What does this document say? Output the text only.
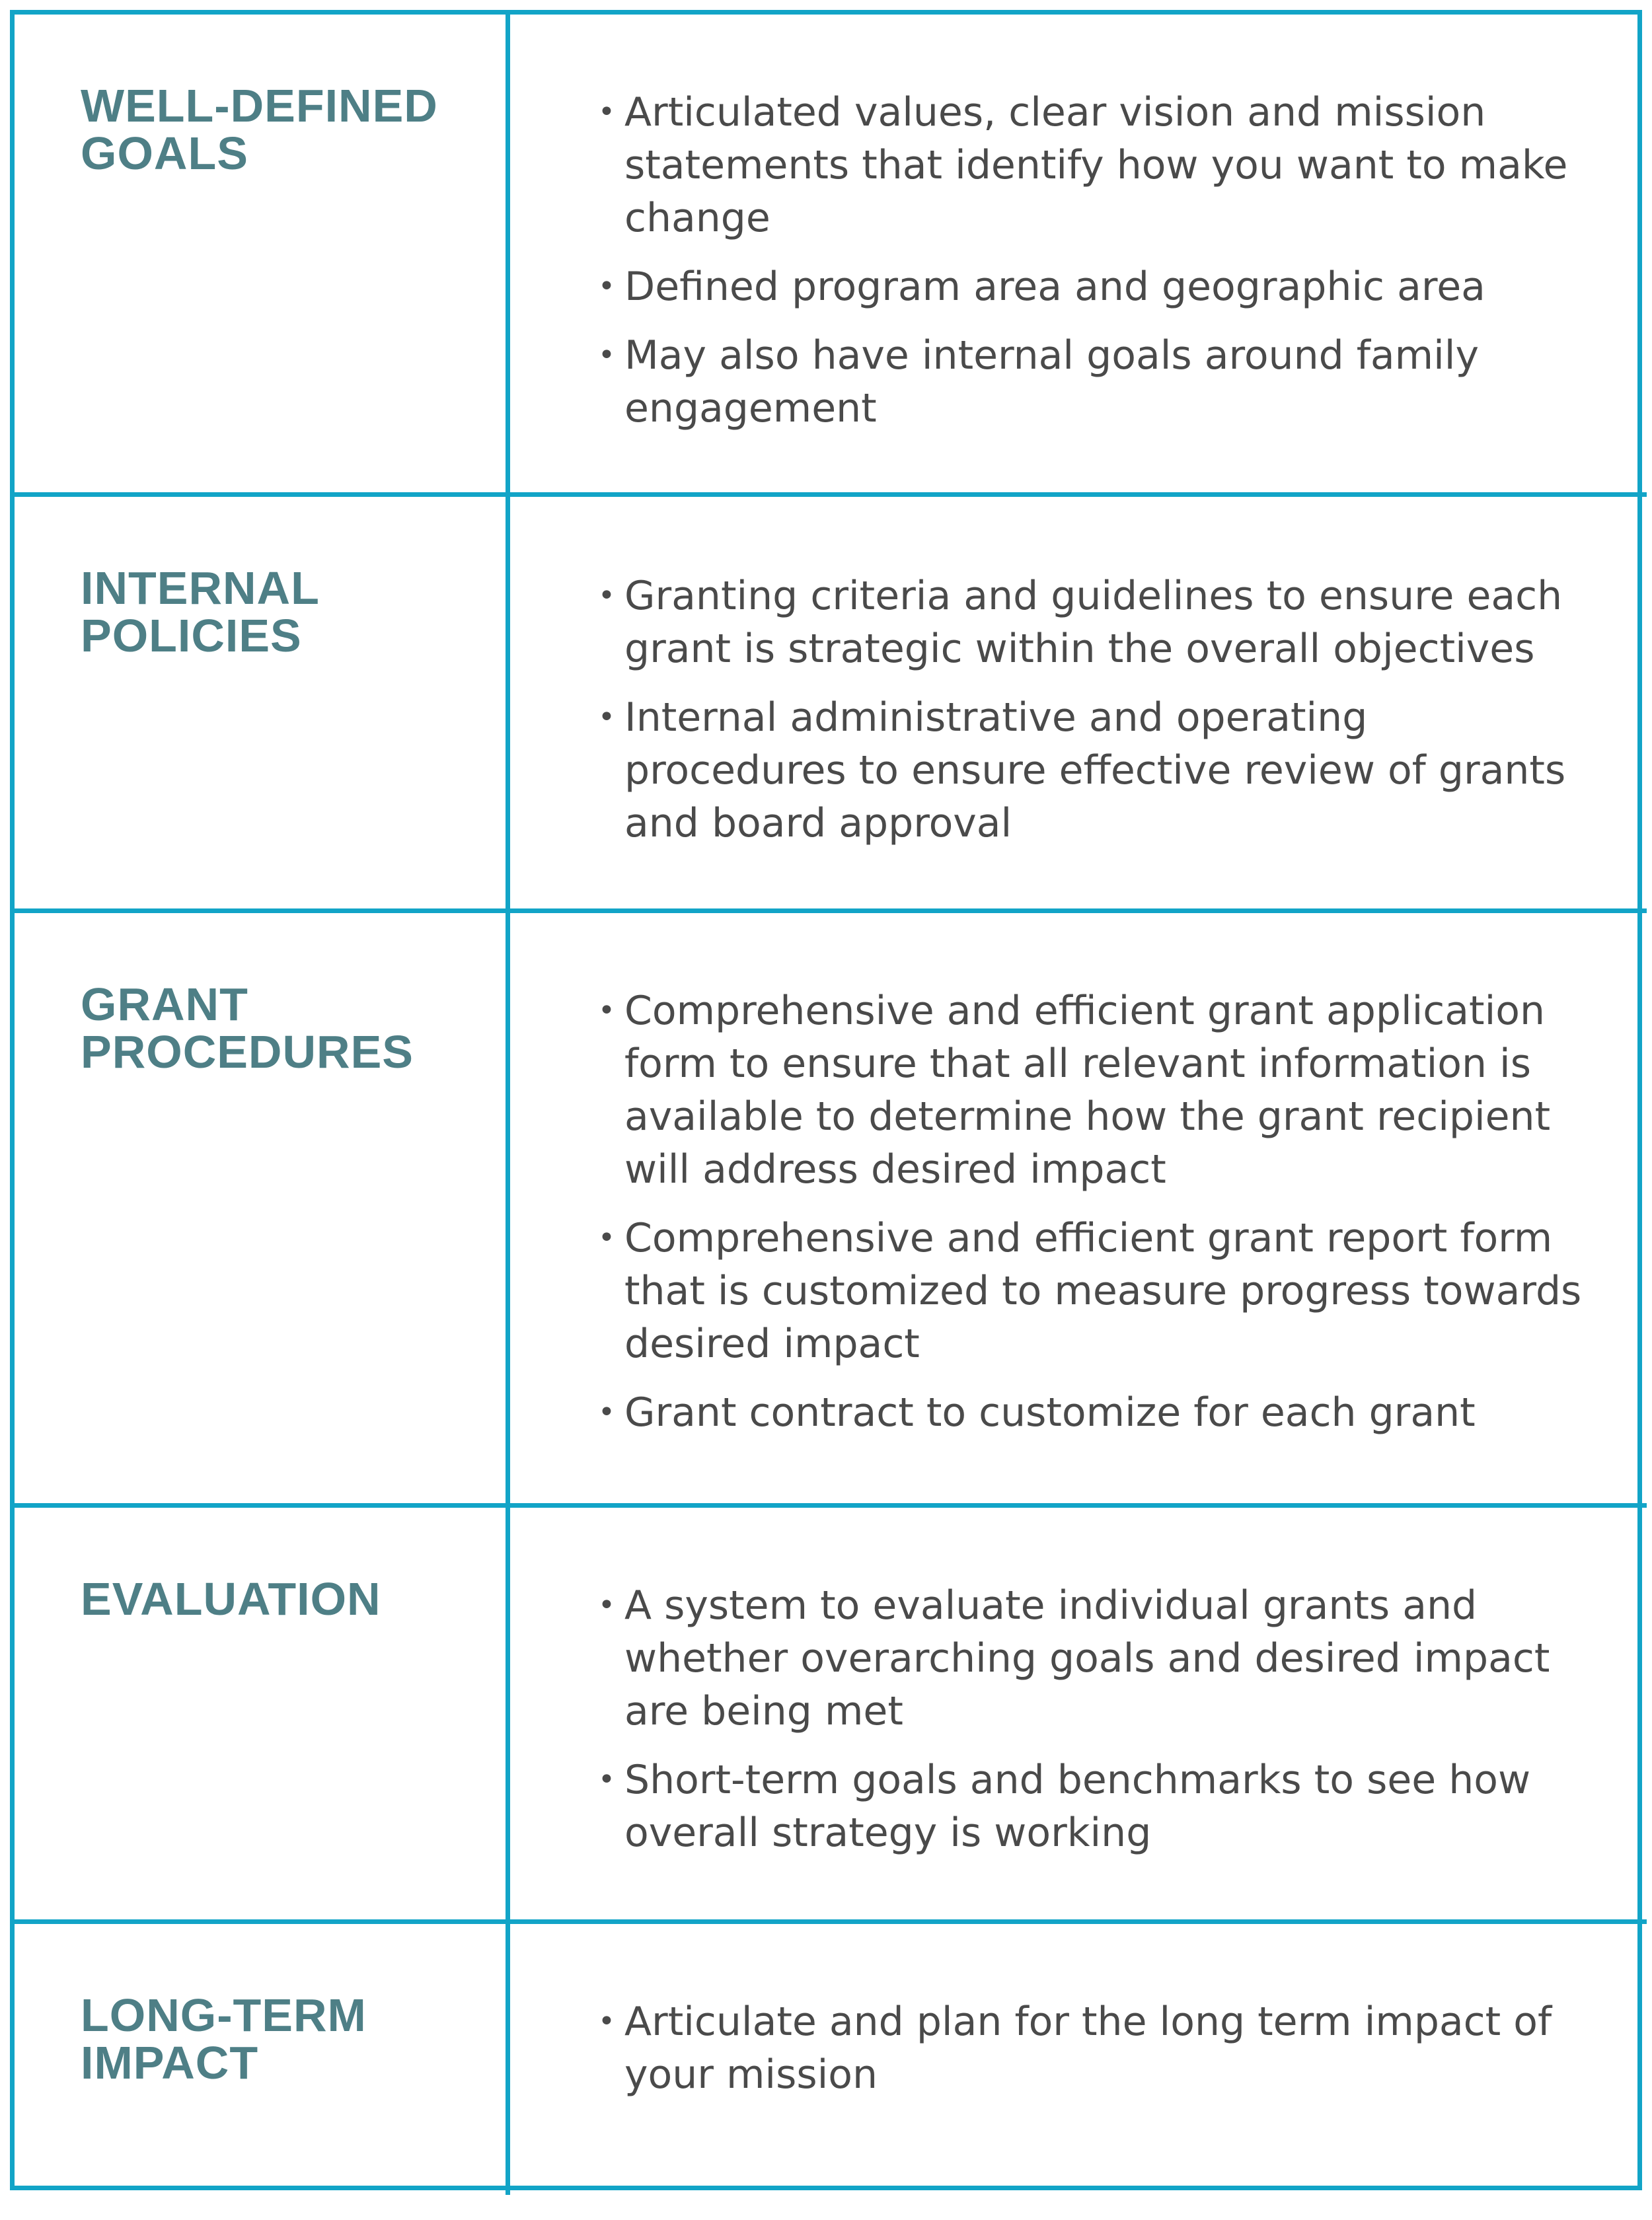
WELL-DEFINED
GOALS
• Articulated values, clear vision and mission statements that identify how you want to make change
• Defined program area and geographic area
• May also have internal goals around family engagement
INTERNAL
POLICIES
• Granting criteria and guidelines to ensure each grant is strategic within the overall objectives
• Internal administrative and operating procedures to ensure effective review of grants and board approval
GRANT
PROCEDURES
• Comprehensive and efficient grant application form to ensure that all relevant information is available to determine how the grant recipient will address desired impact
• Comprehensive and efficient grant report form that is customized to measure progress towards desired impact
• Grant contract to customize for each grant
EVALUATION	• A system to evaluate individual grants and whether overarching goals and desired impact are being met
• Short-term goals and benchmarks to see how overall strategy is working
LONG-TERM
IMPACT
• Articulate and plan for the long term impact of your mission
